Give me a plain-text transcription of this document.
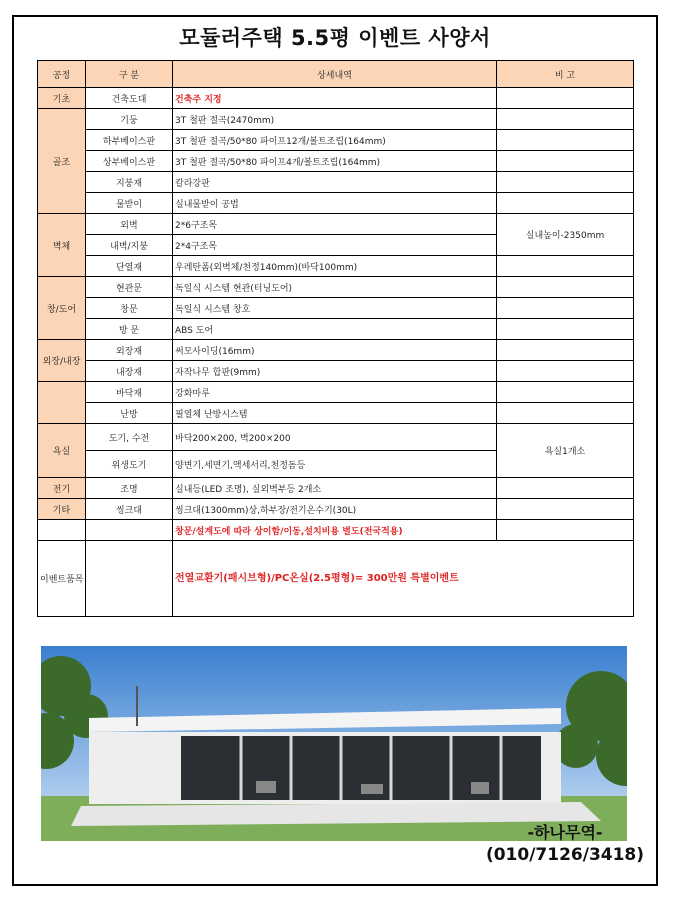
모듈러주택 5.5평 이벤트 사양서
공정	구 분	상세내역	비 고
기초	건축도대	건축주 지정	
골조	기둥	3T 철판 절곡(2470mm)	
	하부베이스판	3T 철판 절곡/50*80 파이프12개/볼트조립(164mm)	
	상부베이스판	3T 철판 절곡/50*80 파이프4개/볼트조립(164mm)	
	지붕재	칼라강판	
	물받이	실내물받이 공법	
벽체	외벽	2*6구조목	실내높이-2350mm
	내벽/지붕	2*4구조목	
	단열재	우레탄폼(외벽체/천정140mm)(바닥100mm)	
창/도어	현관문	독일식 시스템 현관(터닝도어)	
	창문	독일식 시스템 창호	
	방 문	ABS 도어	
외장/내장	외장재	써모사이딩(16mm)	
	내장재	자작나무 합판(9mm)	
	바닥재	강화마루	
	난방	필열체 난방시스템	
욕실	도기, 수전	바닥200×200, 벽200×200	욕실1개소
	위생도기	양변기,세면기,액세서리,천정돔등	
전기	조명	실내등(LED 조명), 실외벽부등 2개소	
기타	씽크대	씽크대(1300mm)상,하부장/전기온수기(30L)	
		창문/설계도에 따라 상이함/이동,설치비용 별도(전국적용)	
이벤트품목		전열교환기(패시브형)/PC온실(2.5평형)= 300만원 특별이벤트	
-하나무역-
(010/7126/3418)
